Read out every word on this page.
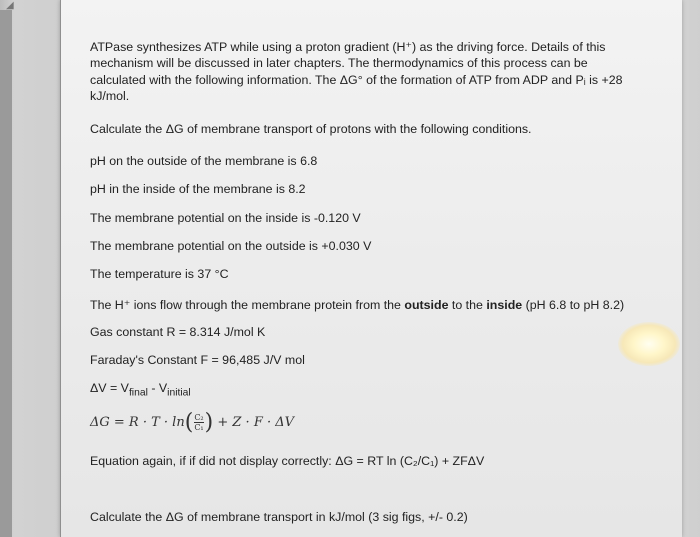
◢

ATPase synthesizes ATP while using a proton gradient (H⁺) as the driving force. Details of this mechanism will be discussed in later chapters. The thermodynamics of this process can be calculated with the following information. The ΔG° of the formation of ATP from ADP and Pᵢ is +28 kJ/mol.

Calculate the ΔG of membrane transport of protons with the following conditions.
pH on the outside of the membrane is 6.8
pH in the inside of the membrane is 8.2
The membrane potential on the inside is -0.120 V
The membrane potential on the outside is +0.030 V
The temperature is 37 °C
The H⁺ ions flow through the membrane protein from the outside to the inside (pH 6.8 to pH 8.2)
Gas constant R = 8.314 J/mol K
Faraday's Constant F = 96,485 J/V mol
$\Delta V = V_{final} - V_{initial}$
$\Delta G = R \cdot T \cdot \ln( \frac{\text{C₂}}{\text{C₁}}$ ) + Z · F · ΔV
Equation again, if if did not display correctly: ΔG = RT ln (C₂/C₁) + ZFΔV
Calculate the ΔG of membrane transport in kJ/mol (3 sig figs, +/- 0.2)
